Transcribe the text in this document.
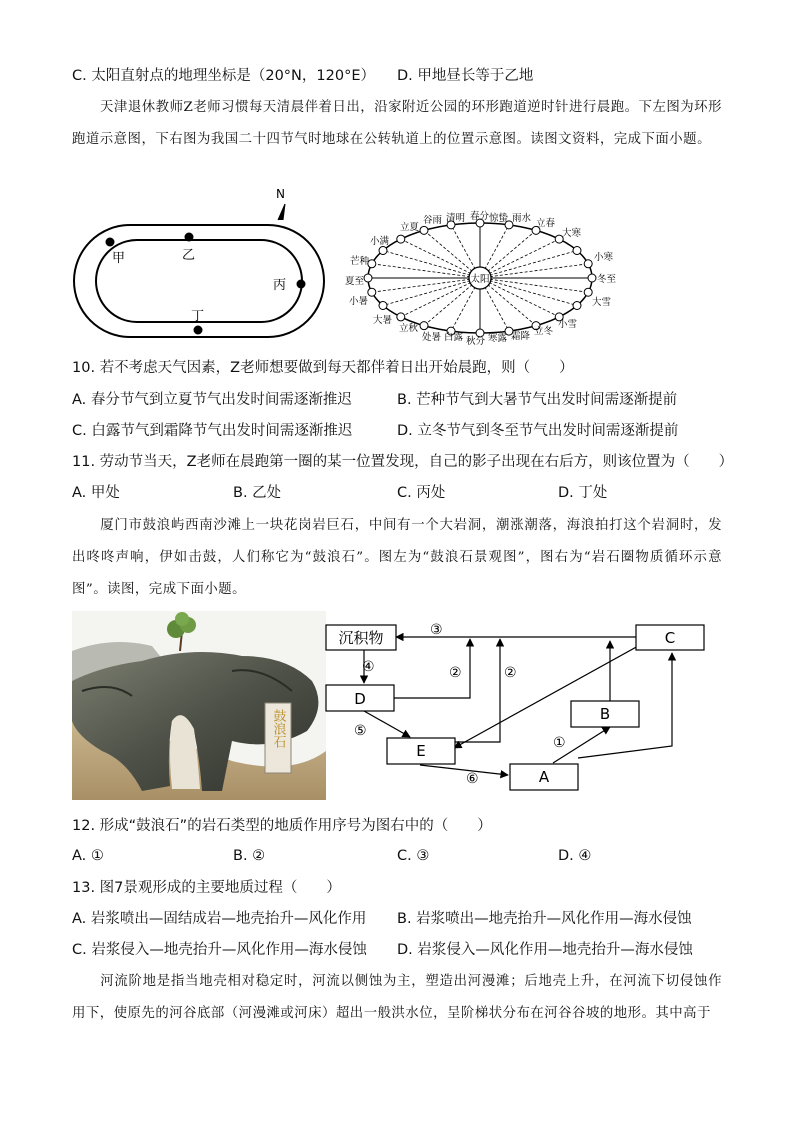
C. 太阳直射点的地理坐标是（20°N，120°E） D. 甲地昼长等于乙地
天津退休教师Z老师习惯每天清晨伴着日出，沿家附近公园的环形跑道逆时针进行晨跑。下左图为环形跑道示意图，下右图为我国二十四节气时地球在公转轨道上的位置示意图。读图文资料，完成下面小题。
N
甲	乙
丙
丁
太阳
立夏
谷雨 清明 春分 惊蛰 雨水 立春
大寒
小寒
冬至
大雪
小雪
小满
芒种
夏至
小暑
大暑
立秋
处暑 白露 秋分 寒露 霜降 立冬
10. 若不考虑天气因素，Z老师想要做到每天都伴着日出开始晨跑，则（　　）
A. 春分节气到立夏节气出发时间需逐渐推迟	B. 芒种节气到大暑节气出发时间需逐渐提前
C. 白露节气到霜降节气出发时间需逐渐推迟	D. 立冬节气到冬至节气出发时间需逐渐提前
11. 劳动节当天，Z老师在晨跑第一圈的某一位置发现，自己的影子出现在右后方，则该位置为（　　）
A. 甲处	B. 乙处	C. 丙处	D. 丁处
厦门市鼓浪屿西南沙滩上一块花岗岩巨石，中间有一个大岩洞，潮涨潮落，海浪拍打这个岩洞时，发出咚咚声响，伊如击鼓，人们称它为“鼓浪石”。图左为“鼓浪石景观图”，图右为“岩石圈物质循环示意图”。读图，完成下面小题。
鼓浪石
沉积物	C
D
B
E
A
③
④	②	②
⑤
⑥
①
12. 形成“鼓浪石”的岩石类型的地质作用序号为图右中的（　　）
A. ①	B. ②	C. ③	D. ④
13. 图7景观形成的主要地质过程（　　）
A. 岩浆喷出—固结成岩—地壳抬升—风化作用 B. 岩浆喷出—地壳抬升—风化作用—海水侵蚀
C. 岩浆侵入—地壳抬升—风化作用—海水侵蚀 D. 岩浆侵入—风化作用—地壳抬升—海水侵蚀
河流阶地是指当地壳相对稳定时，河流以侧蚀为主，塑造出河漫滩；后地壳上升，在河流下切侵蚀作用下，使原先的河谷底部（河漫滩或河床）超出一般洪水位，呈阶梯状分布在河谷谷坡的地形。其中高于
